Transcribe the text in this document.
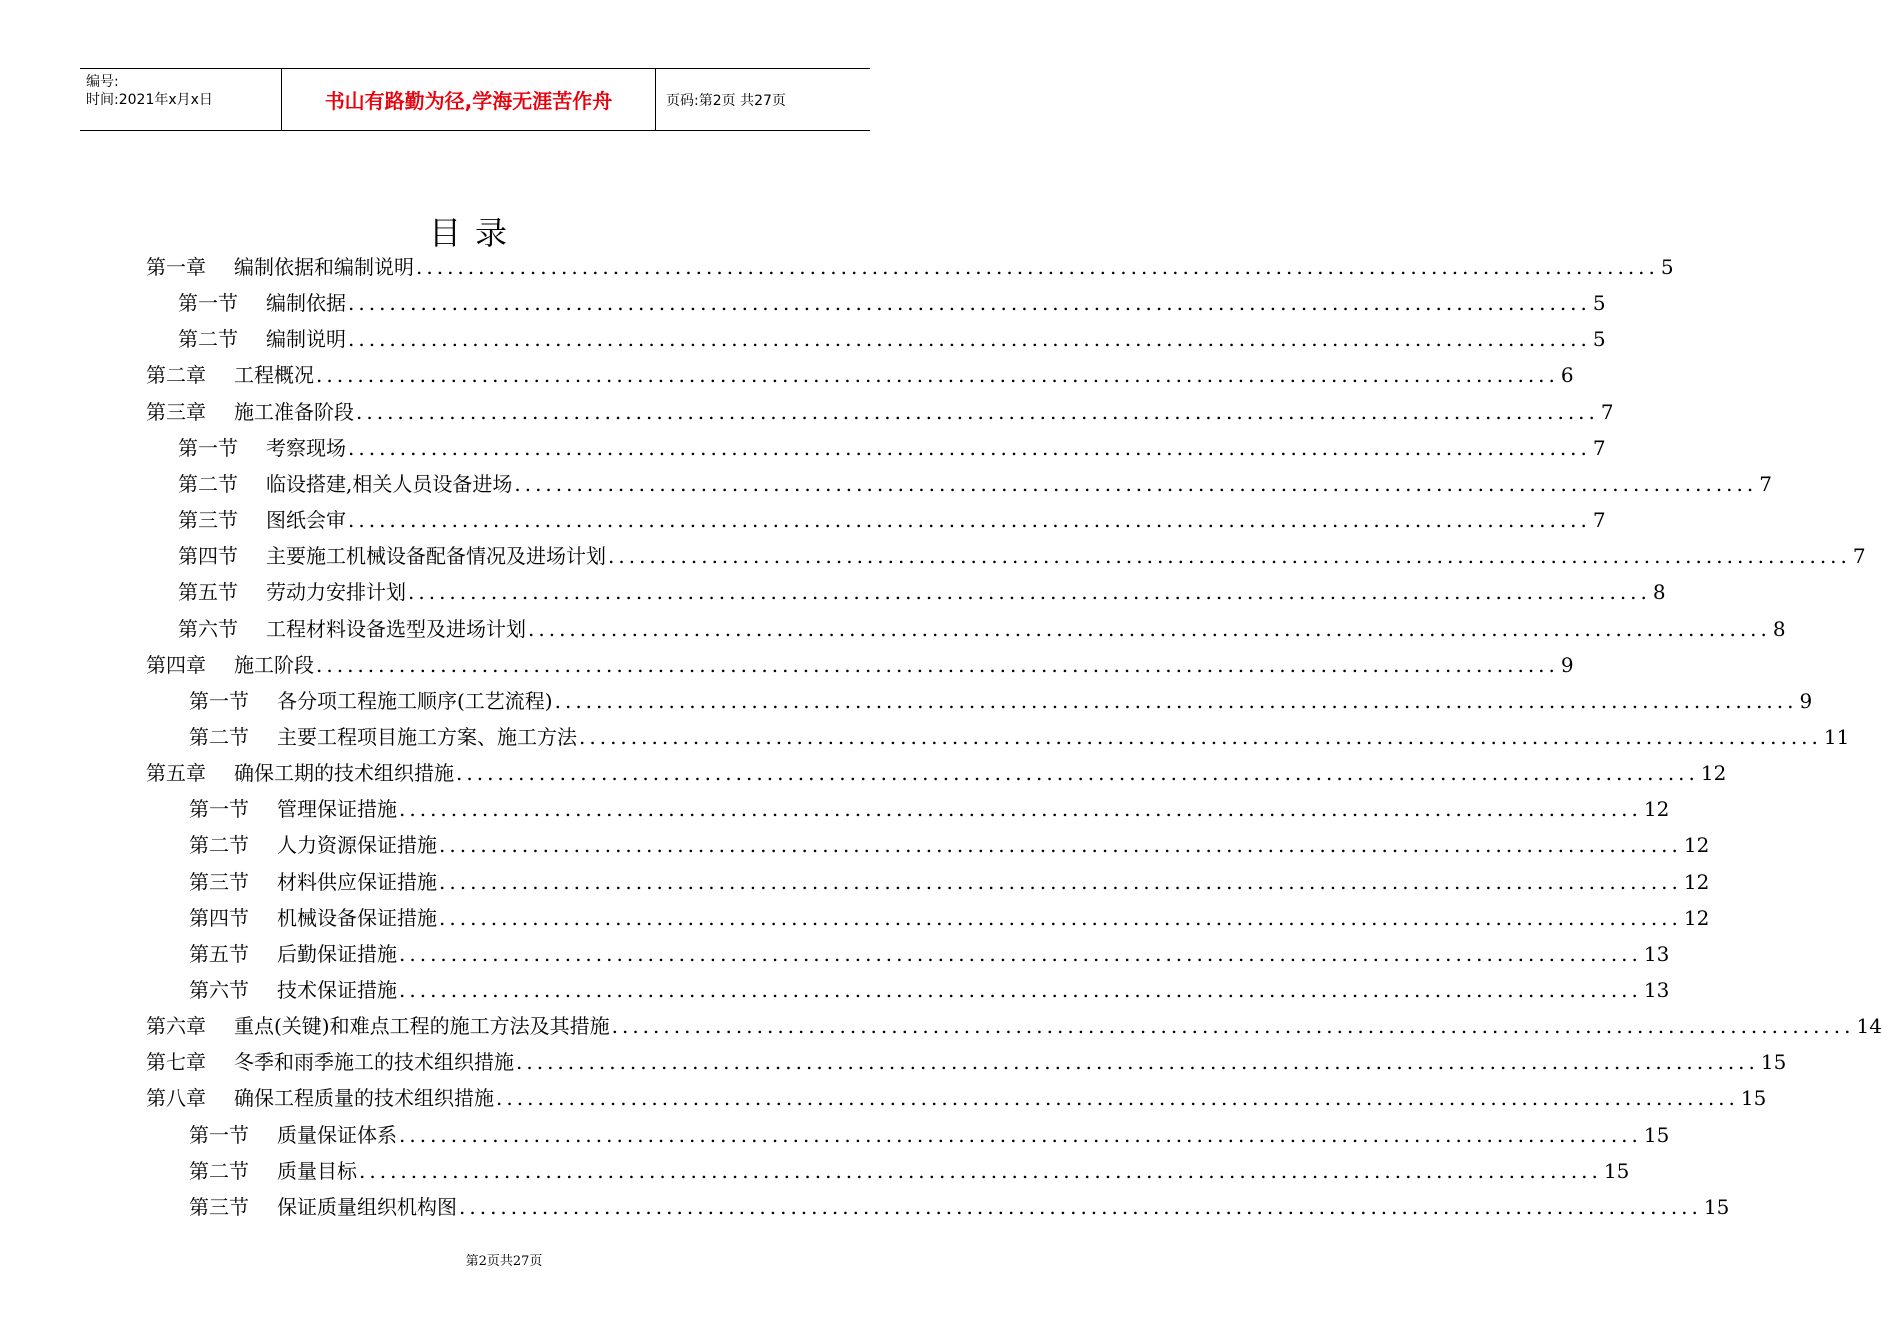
编号:
时间:2021年x月x日	书山有路勤为径,学海无涯苦作舟	页码:第2页 共27页
目录
第一章 编制依据和编制说明 ........................................................................................................................ 5
第一节 编制依据 ........................................................................................................................ 5
第二节 编制说明 ........................................................................................................................ 5
第二章 工程概况 ........................................................................................................................ 6
第三章 施工准备阶段 ........................................................................................................................ 7
第一节 考察现场 ........................................................................................................................ 7
第二节 临设搭建,相关人员设备进场 ........................................................................................................................ 7
第三节 图纸会审 ........................................................................................................................ 7
第四节 主要施工机械设备配备情况及进场计划 ........................................................................................................................ 7
第五节 劳动力安排计划 ........................................................................................................................ 8
第六节 工程材料设备选型及进场计划 ........................................................................................................................ 8
第四章 施工阶段 ........................................................................................................................ 9
第一节 各分项工程施工顺序(工艺流程) ........................................................................................................................ 9
第二节 主要工程项目施工方案、施工方法 ........................................................................................................................ 11
第五章 确保工期的技术组织措施 ........................................................................................................................ 12
第一节 管理保证措施 ........................................................................................................................ 12
第二节 人力资源保证措施 ........................................................................................................................ 12
第三节 材料供应保证措施 ........................................................................................................................ 12
第四节 机械设备保证措施 ........................................................................................................................ 12
第五节 后勤保证措施 ........................................................................................................................ 13
第六节 技术保证措施 ........................................................................................................................ 13
第六章 重点(关键)和难点工程的施工方法及其措施 ........................................................................................................................ 14
第七章 冬季和雨季施工的技术组织措施 ........................................................................................................................ 15
第八章 确保工程质量的技术组织措施 ........................................................................................................................ 15
第一节 质量保证体系 ........................................................................................................................ 15
第二节 质量目标 ........................................................................................................................ 15
第三节 保证质量组织机构图 ........................................................................................................................ 15
第2页共27页
